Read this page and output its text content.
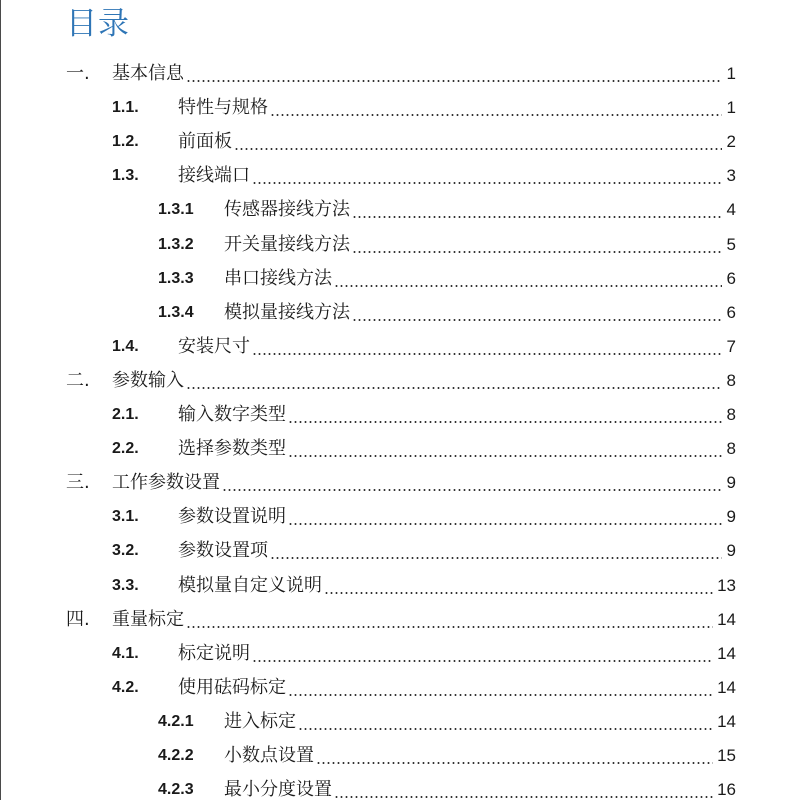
目录
一.	基本信息	1
1.1.	特性与规格	1
1.2.	前面板	2
1.3.	接线端口	3
1.3.1	传感器接线方法	4
1.3.2	开关量接线方法	5
1.3.3	串口接线方法	6
1.3.4	模拟量接线方法	6
1.4.	安装尺寸	7
二.	参数输入	8
2.1.	输入数字类型	8
2.2.	选择参数类型	8
三.	工作参数设置	9
3.1.	参数设置说明	9
3.2.	参数设置项	9
3.3.	模拟量自定义说明	13
四.	重量标定	14
4.1.	标定说明	14
4.2.	使用砝码标定	14
4.2.1	进入标定	14
4.2.2	小数点设置	15
4.2.3	最小分度设置	16
